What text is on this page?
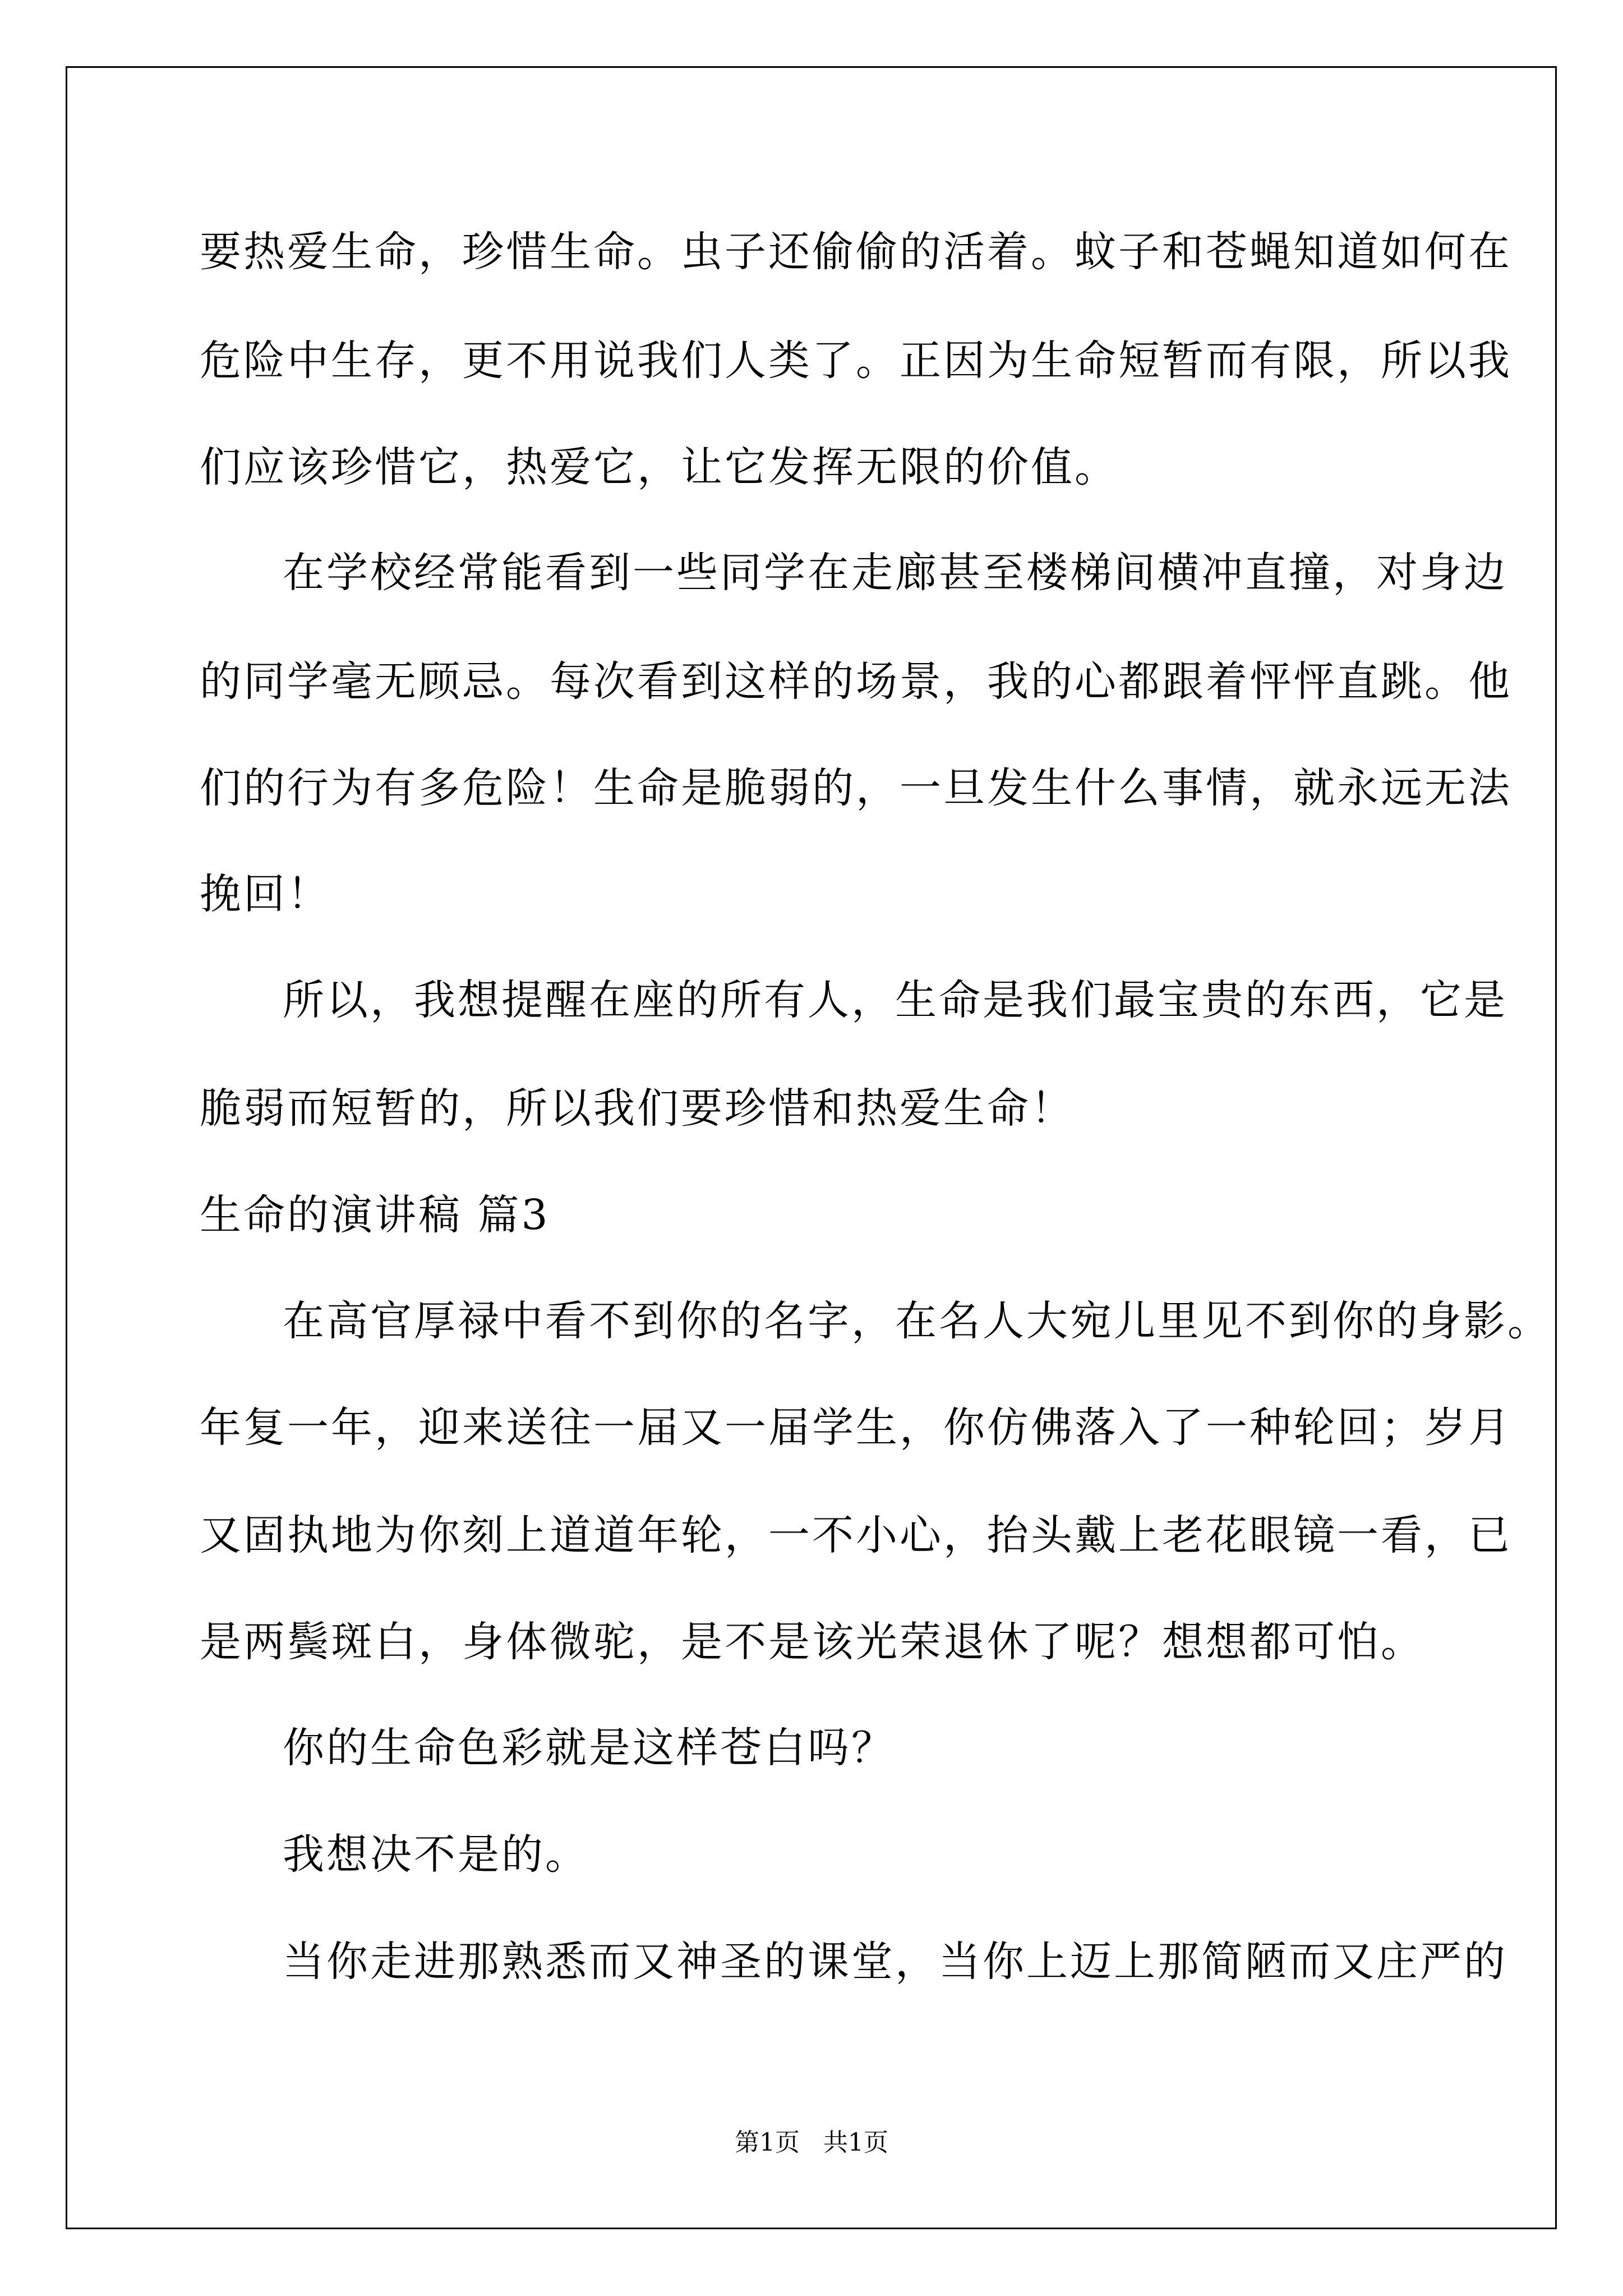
要热爱生命，珍惜生命。虫子还偷偷的活着。蚊子和苍蝇知道如何在
危险中生存，更不用说我们人类了。正因为生命短暂而有限，所以我
们应该珍惜它，热爱它，让它发挥无限的价值。
在学校经常能看到一些同学在走廊甚至楼梯间横冲直撞，对身边
的同学毫无顾忌。每次看到这样的场景，我的心都跟着怦怦直跳。他
们的行为有多危险！生命是脆弱的，一旦发生什么事情，就永远无法
挽回！
所以，我想提醒在座的所有人，生命是我们最宝贵的东西，它是
脆弱而短暂的，所以我们要珍惜和热爱生命！
生命的演讲稿 篇3
在高官厚禄中看不到你的名字，在名人大宛儿里见不到你的身影。
年复一年，迎来送往一届又一届学生，你仿佛落入了一种轮回；岁月
又固执地为你刻上道道年轮，一不小心，抬头戴上老花眼镜一看，已
是两鬓斑白，身体微驼，是不是该光荣退休了呢？想想都可怕。
你的生命色彩就是这样苍白吗？
我想决不是的。
当你走进那熟悉而又神圣的课堂，当你上迈上那简陋而又庄严的
第1页   共1页
